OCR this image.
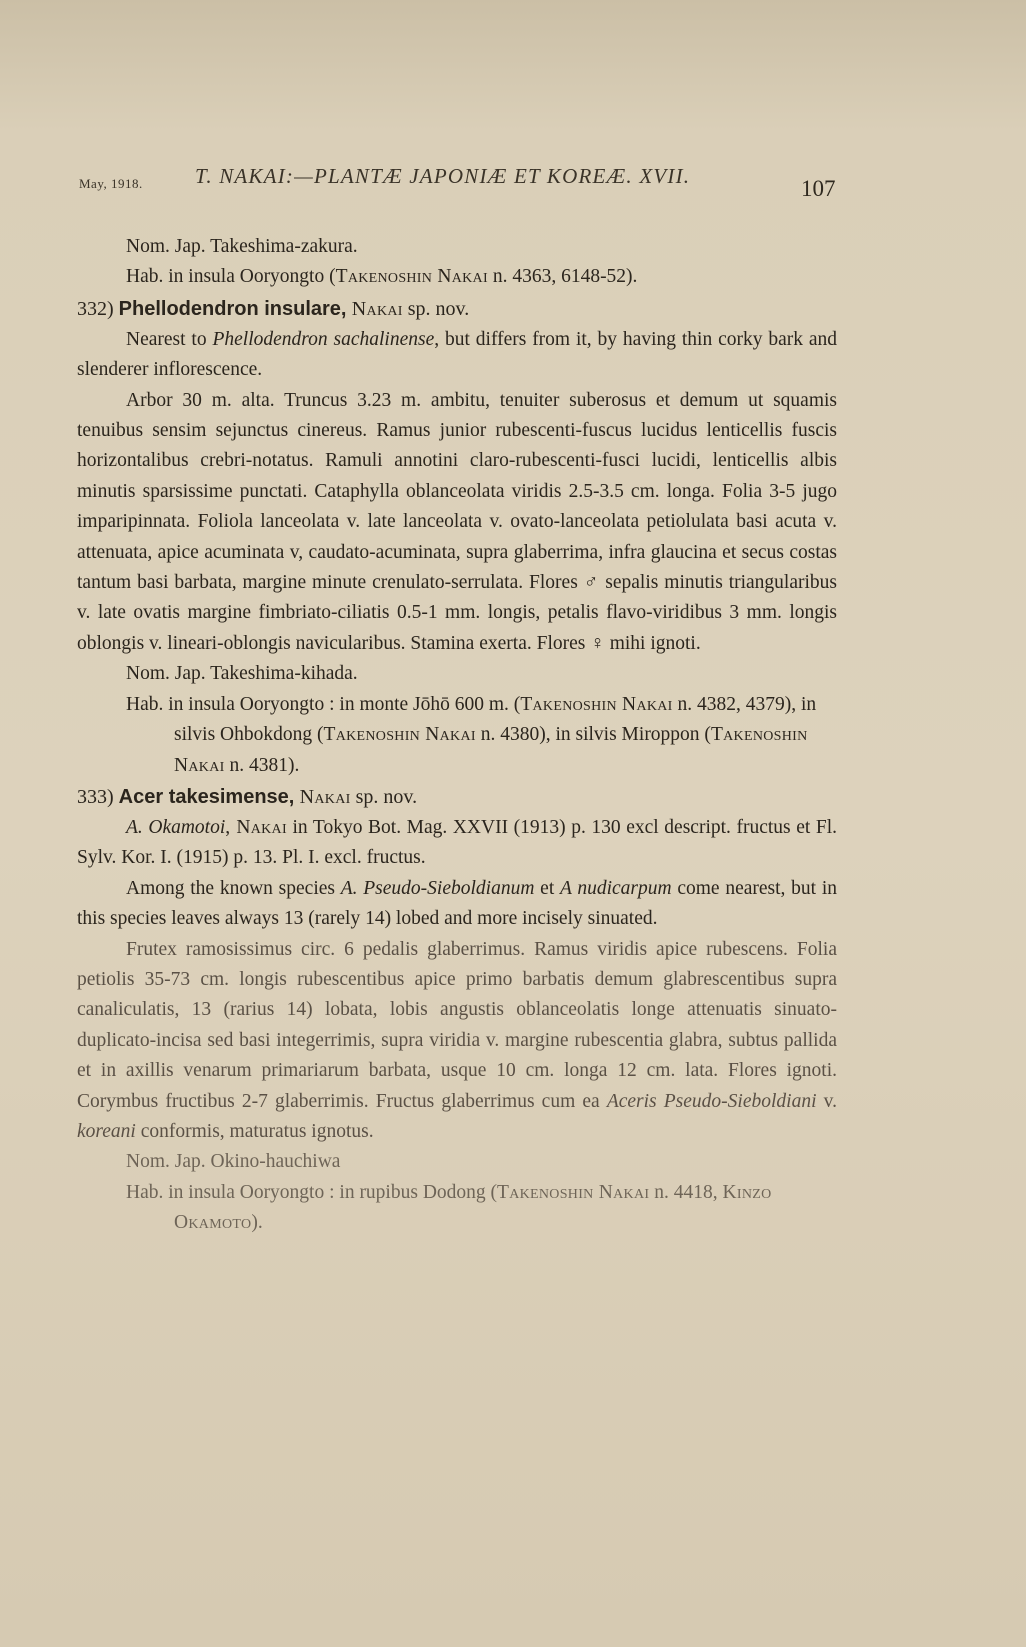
May, 1918. T. NAKAI:—PLANTÆ JAPONIÆ ET KOREÆ. XVII.	107

Nom. Jap. Takeshima-zakura.

Hab. in insula Ooryongto (Takenoshin Nakai n. 4363, 6148-52).

332) Phellodendron insulare, Nakai sp. nov.

Nearest to Phellodendron sachalinense, but differs from it, by having thin corky bark and slenderer inflorescence.

Arbor 30 m. alta. Truncus 3.23 m. ambitu, tenuiter suberosus et demum ut squamis tenuibus sensim sejunctus cinereus. Ramus junior rubescenti-fuscus lucidus lenticellis fuscis horizontalibus crebri-notatus. Ramuli annotini claro-rubescenti-fusci lucidi, lenticellis albis minutis sparsissime punctati. Cataphylla oblanceolata viridis 2.5-3.5 cm. longa. Folia 3-5 jugo imparipinnata. Foliola lanceolata v. late lanceolata v. ovato-lanceolata petiolulata basi acuta v. attenuata, apice acuminata v, caudato-acuminata, supra glaberrima, infra glaucina et secus costas tantum basi barbata, margine minute crenulato-serrulata. Flores ♂ sepalis minutis triangularibus v. late ovatis margine fimbriato-ciliatis 0.5-1 mm. longis, petalis flavo-viridibus 3 mm. longis oblongis v. lineari-oblongis navicularibus. Stamina exerta. Flores ♀ mihi ignoti.

Nom. Jap. Takeshima-kihada.

Hab. in insula Ooryongto : in monte Jōhō 600 m. (Takenoshin Nakai n. 4382, 4379), in silvis Ohbokdong (Takenoshin Nakai n. 4380), in silvis Miroppon (Takenoshin Nakai n. 4381).

333) Acer takesimense, Nakai sp. nov.

A. Okamotoi, Nakai in Tokyo Bot. Mag. XXVII (1913) p. 130 excl descript. fructus et Fl. Sylv. Kor. I. (1915) p. 13. Pl. I. excl. fructus.

Among the known species A. Pseudo-Sieboldianum et A nudicarpum come nearest, but in this species leaves always 13 (rarely 14) lobed and more incisely sinuated.

Frutex ramosissimus circ. 6 pedalis glaberrimus. Ramus viridis apice rubescens. Folia petiolis 35-73 cm. longis rubescentibus apice primo barbatis demum glabrescentibus supra canaliculatis, 13 (rarius 14) lobata, lobis angustis oblanceolatis longe attenuatis sinuato-duplicato-incisa sed basi integerrimis, supra viridia v. margine rubescentia glabra, subtus pallida et in axillis venarum primariarum barbata, usque 10 cm. longa 12 cm. lata. Flores ignoti. Corymbus fructibus 2-7 glaberrimis. Fructus glaberrimus cum ea Aceris Pseudo-Sieboldiani v. koreani conformis, maturatus ignotus.

Nom. Jap. Okino-hauchiwa

Hab. in insula Ooryongto : in rupibus Dodong (Takenoshin Nakai n. 4418, Kinzo Okamoto).
